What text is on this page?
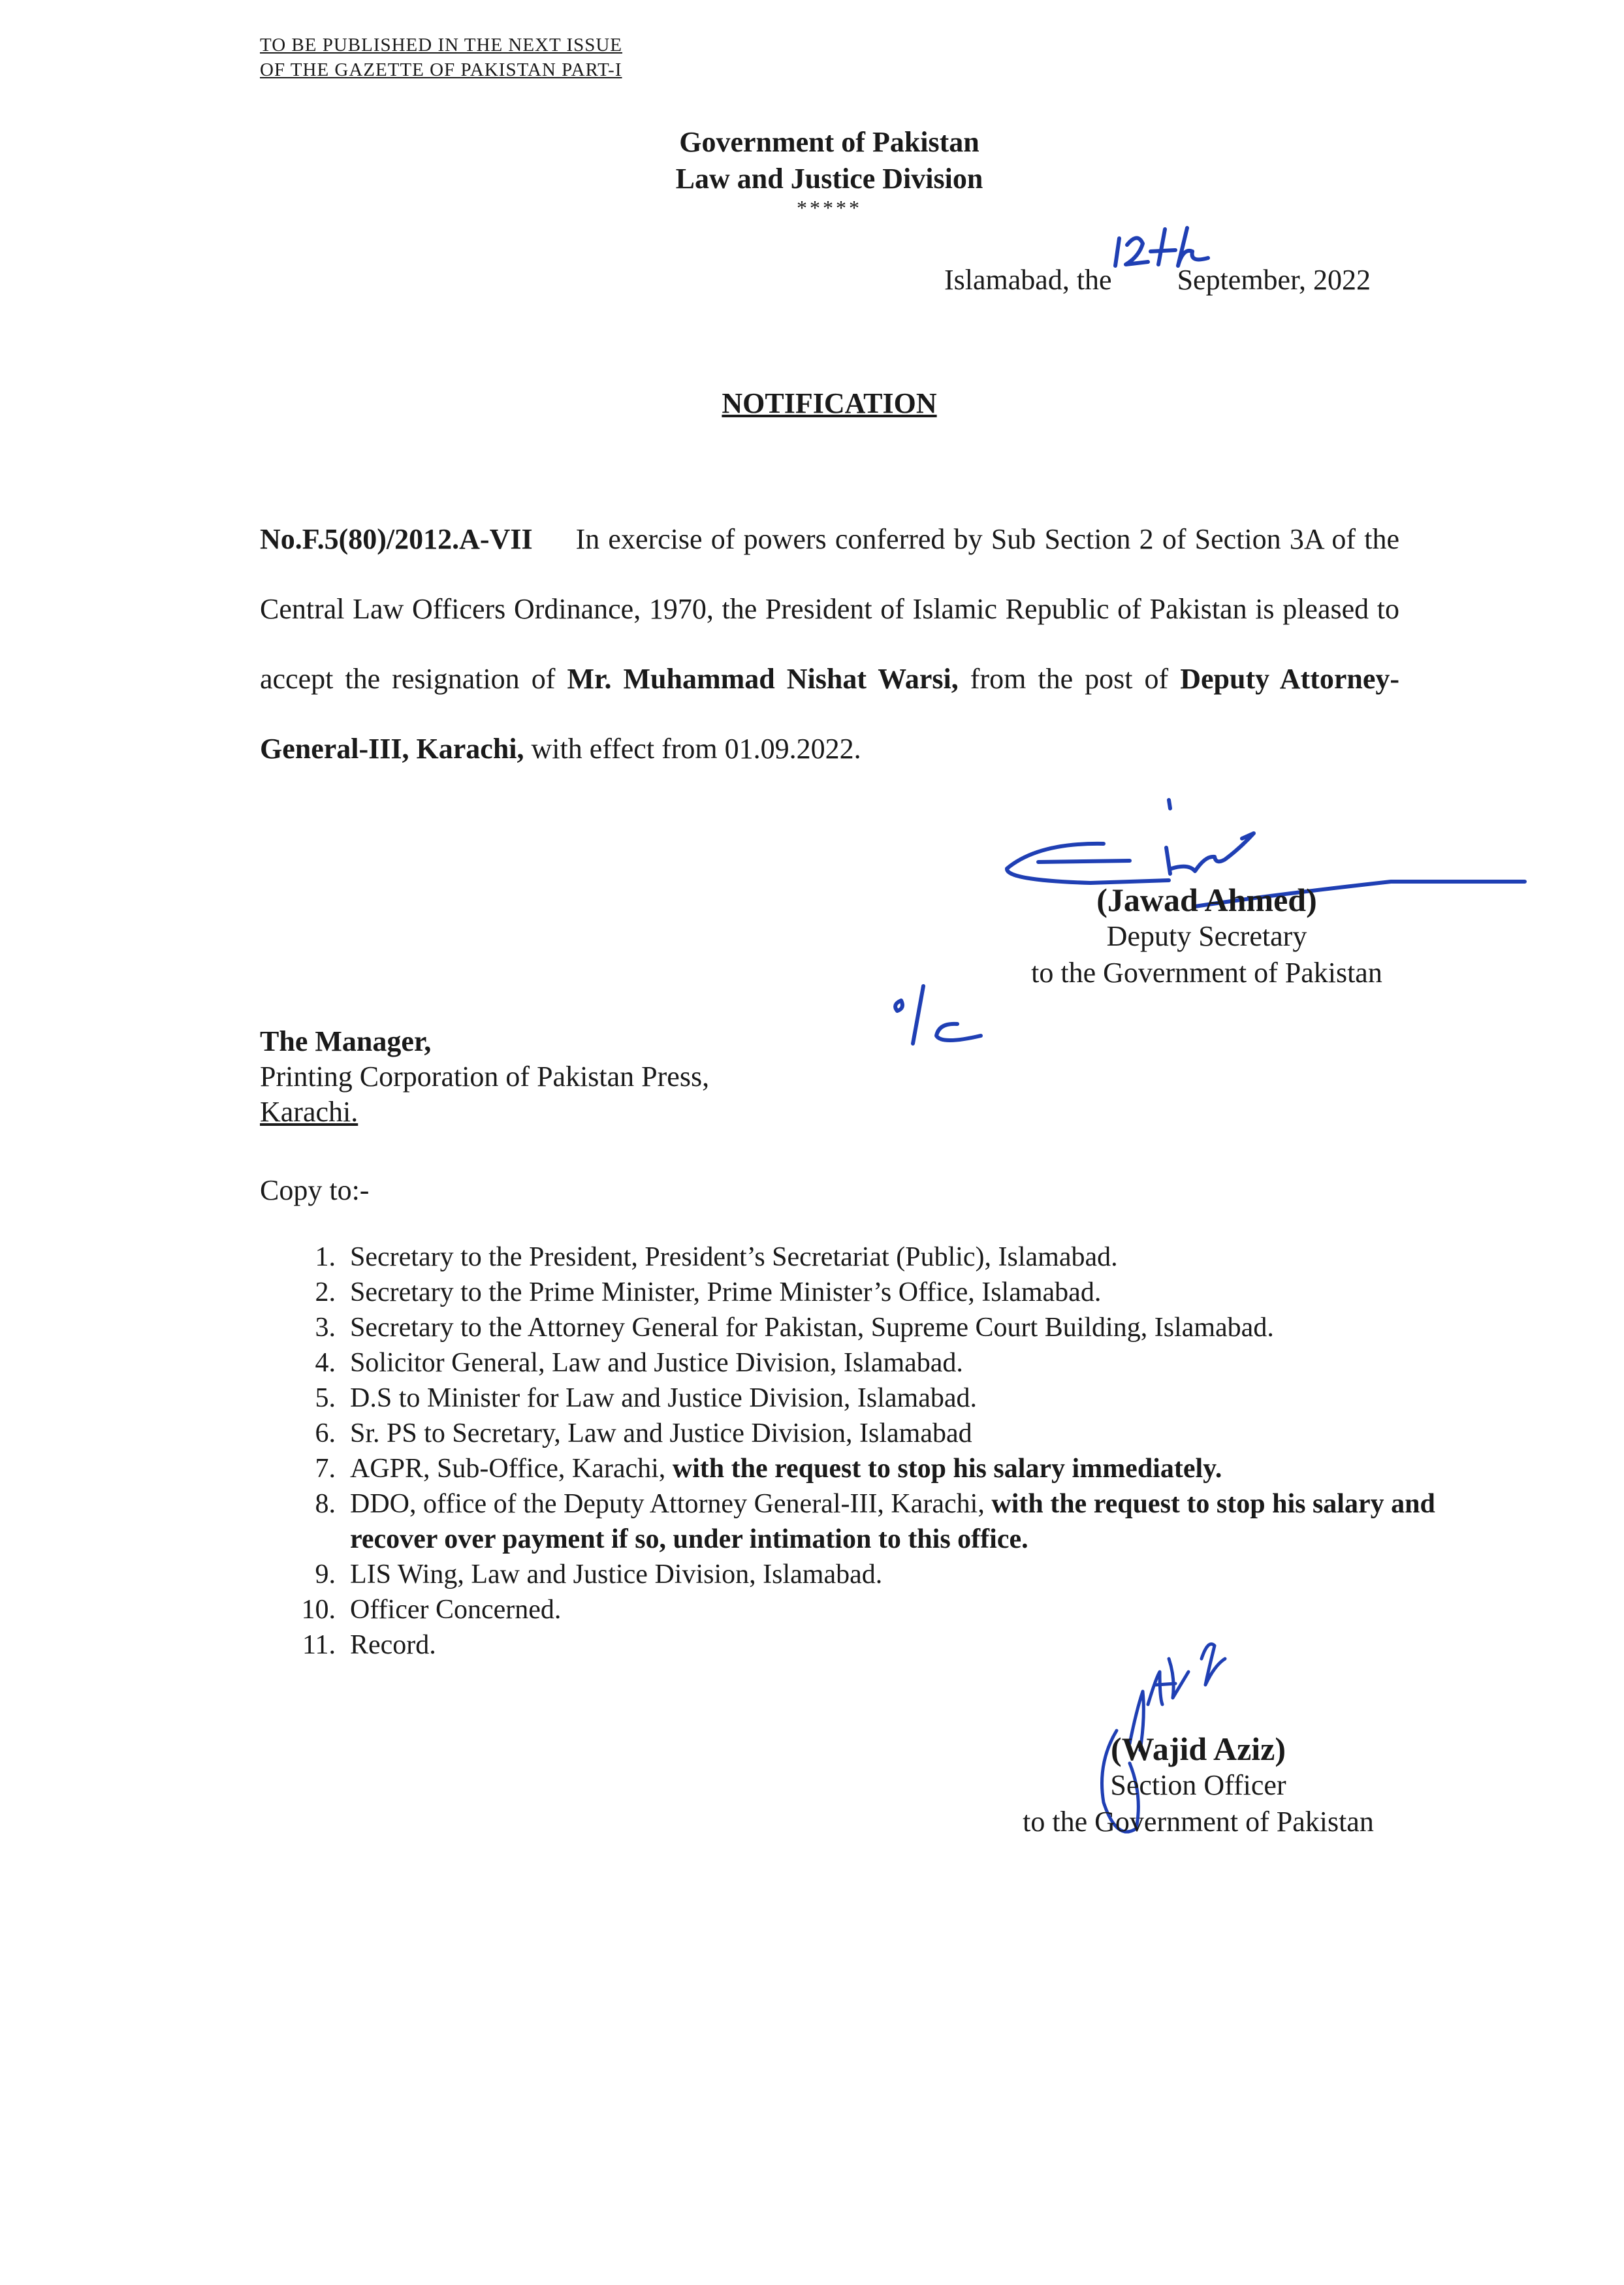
TO BE PUBLISHED IN THE NEXT ISSUE
OF THE GAZETTE OF PAKISTAN PART-I
Government of Pakistan
Law and Justice Division
*****
Islamabad, the September, 2022
NOTIFICATION
No.F.5(80)/2012.A-VII In exercise of powers conferred by Sub Section 2 of Section 3A of the Central Law Officers Ordinance, 1970, the President of Islamic Republic of Pakistan is pleased to accept the resignation of Mr. Muhammad Nishat Warsi, from the post of Deputy Attorney-General-III, Karachi, with effect from 01.09.2022.
(Jawad Ahmed)
Deputy Secretary
to the Government of Pakistan
The Manager,
Printing Corporation of Pakistan Press,
Karachi.
Copy to:-
1. Secretary to the President, President’s Secretariat (Public), Islamabad.
2. Secretary to the Prime Minister, Prime Minister’s Office, Islamabad.
3. Secretary to the Attorney General for Pakistan, Supreme Court Building, Islamabad.
4. Solicitor General, Law and Justice Division, Islamabad.
5. D.S to Minister for Law and Justice Division, Islamabad.
6. Sr. PS to Secretary, Law and Justice Division, Islamabad
7. AGPR, Sub-Office, Karachi, with the request to stop his salary immediately.
8. DDO, office of the Deputy Attorney General-III, Karachi, with the request to stop his salary and recover over payment if so, under intimation to this office.
9. LIS Wing, Law and Justice Division, Islamabad.
10. Officer Concerned.
11. Record.
(Wajid Aziz)
Section Officer
to the Government of Pakistan
